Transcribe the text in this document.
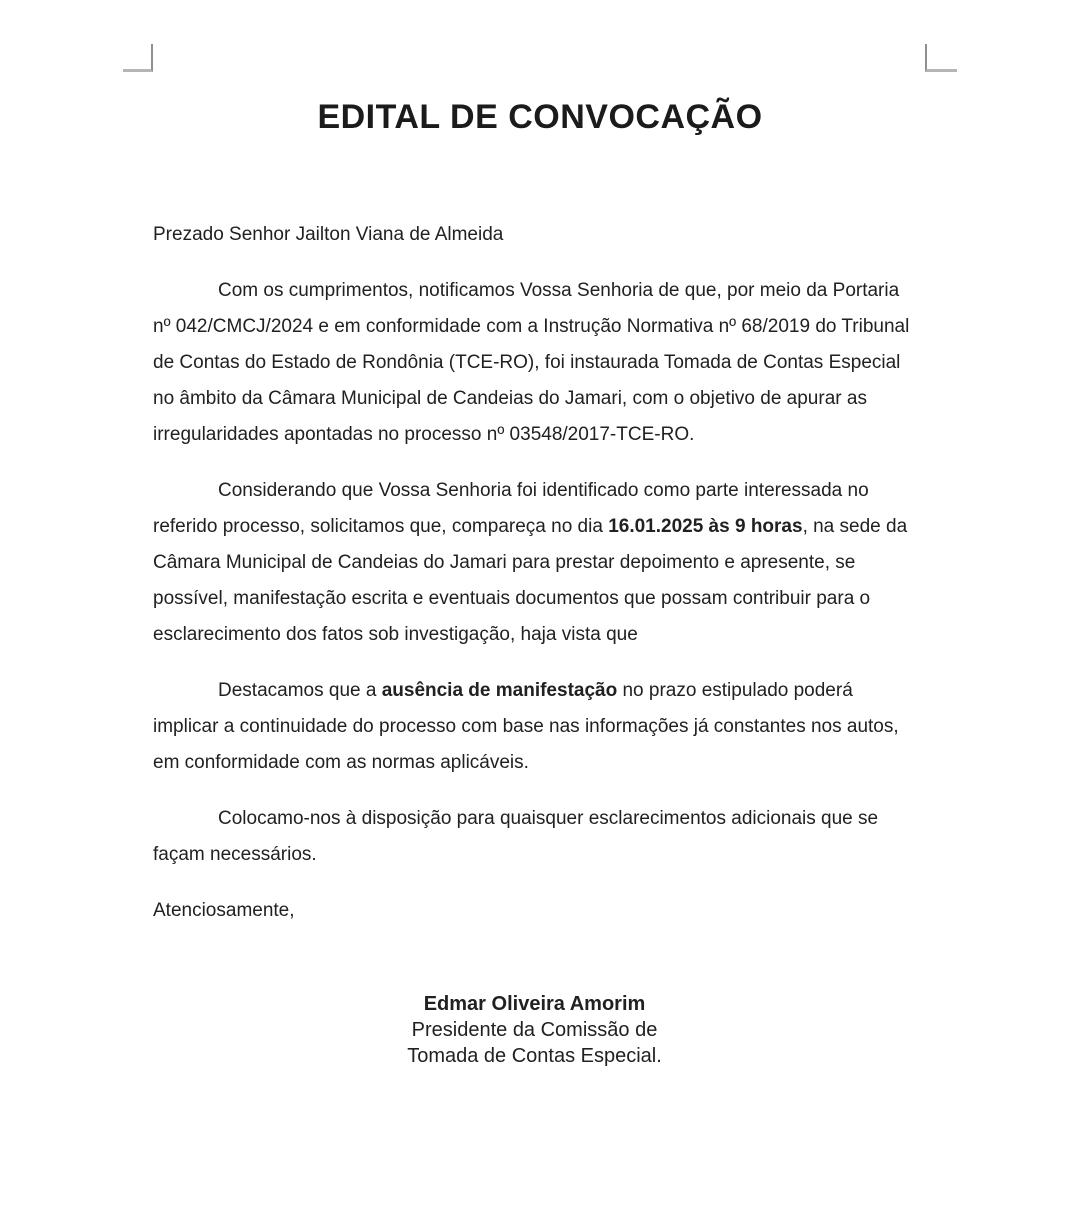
EDITAL DE CONVOCAÇÃO

Prezado Senhor Jailton Viana de Almeida

Com os cumprimentos, notificamos Vossa Senhoria de que, por meio da Portaria nº 042/CMCJ/2024 e em conformidade com a Instrução Normativa nº 68/2019 do Tribunal de Contas do Estado de Rondônia (TCE-RO), foi instaurada Tomada de Contas Especial no âmbito da Câmara Municipal de Candeias do Jamari, com o objetivo de apurar as irregularidades apontadas no processo nº 03548/2017-TCE-RO.

Considerando que Vossa Senhoria foi identificado como parte interessada no referido processo, solicitamos que, compareça no dia 16.01.2025 às 9 horas, na sede da Câmara Municipal de Candeias do Jamari para prestar depoimento e apresente, se possível, manifestação escrita e eventuais documentos que possam contribuir para o esclarecimento dos fatos sob investigação, haja vista que

Destacamos que a ausência de manifestação no prazo estipulado poderá implicar a continuidade do processo com base nas informações já constantes nos autos, em conformidade com as normas aplicáveis.

Colocamo-nos à disposição para quaisquer esclarecimentos adicionais que se façam necessários.

Atenciosamente,

Edmar Oliveira Amorim
Presidente da Comissão de
Tomada de Contas Especial.
